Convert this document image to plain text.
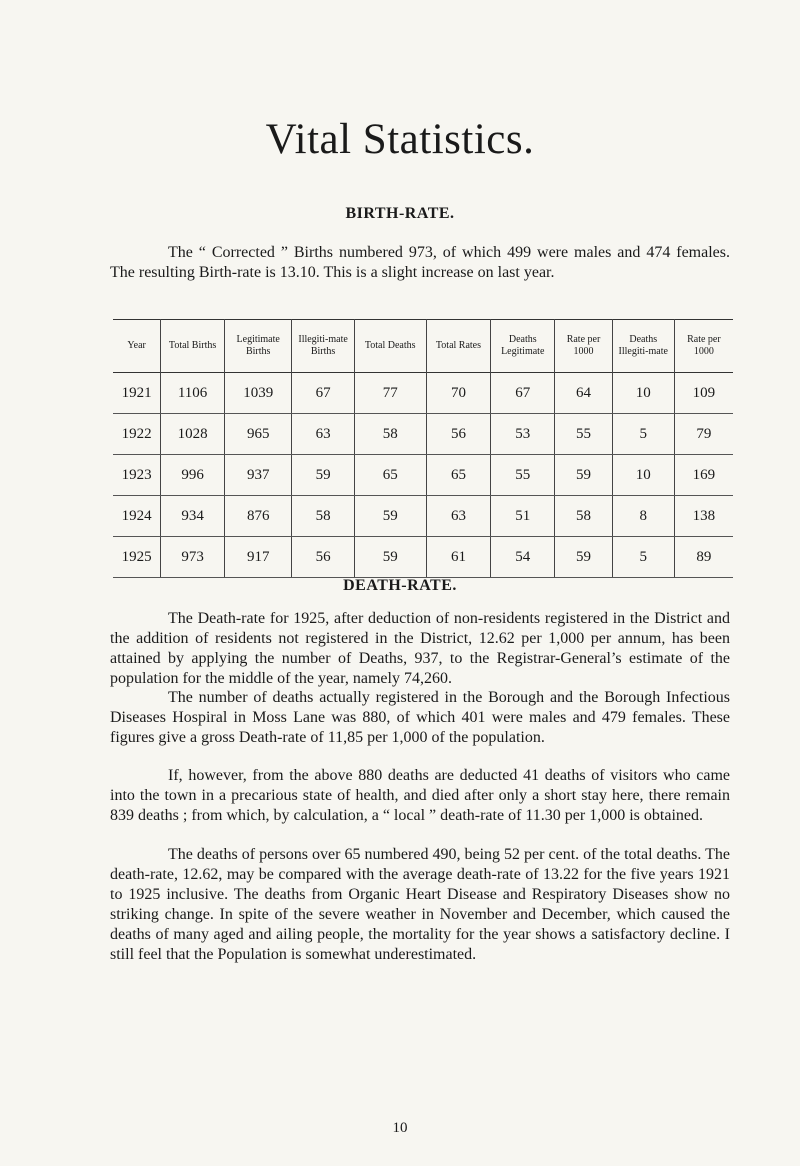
Vital Statistics.
BIRTH-RATE.

The “ Corrected ” Births numbered 973, of which 499 were males and 474 females. The resulting Birth-rate is 13.10. This is a slight increase on last year.

Year	Total Births	Legitimate Births	Illegiti-mate Births	Total Deaths	Total Rates	Deaths Legitimate	Rate per 1000	Deaths Illegiti-mate	Rate per 1000
1921	1106	1039	67	77	70	67	64	10	109
1922	1028	965	63	58	56	53	55	5	79
1923	996	937	59	65	65	55	59	10	169
1924	934	876	58	59	63	51	58	8	138
1925	973	917	56	59	61	54	59	5	89
DEATH-RATE.

The Death-rate for 1925, after deduction of non-residents registered in the District and the addition of residents not registered in the District, 12.62 per 1,000 per annum, has been attained by applying the number of Deaths, 937, to the Registrar-General’s estimate of the population for the middle of the year, namely 74,260.

The number of deaths actually registered in the Borough and the Borough Infectious Diseases Hospiral in Moss Lane was 880, of which 401 were males and 479 females. These figures give a gross Death-rate of 11,85 per 1,000 of the population.

If, however, from the above 880 deaths are deducted 41 deaths of visitors who came into the town in a precarious state of health, and died after only a short stay here, there remain 839 deaths ; from which, by calculation, a “ local ” death-rate of 11.30 per 1,000 is obtained.

The deaths of persons over 65 numbered 490, being 52 per cent. of the total deaths. The death-rate, 12.62, may be compared with the average death-rate of 13.22 for the five years 1921 to 1925 inclusive. The deaths from Organic Heart Disease and Respiratory Diseases show no striking change. In spite of the severe weather in November and December, which caused the deaths of many aged and ailing people, the mortality for the year shows a satisfactory decline. I still feel that the Population is somewhat underestimated.

10
